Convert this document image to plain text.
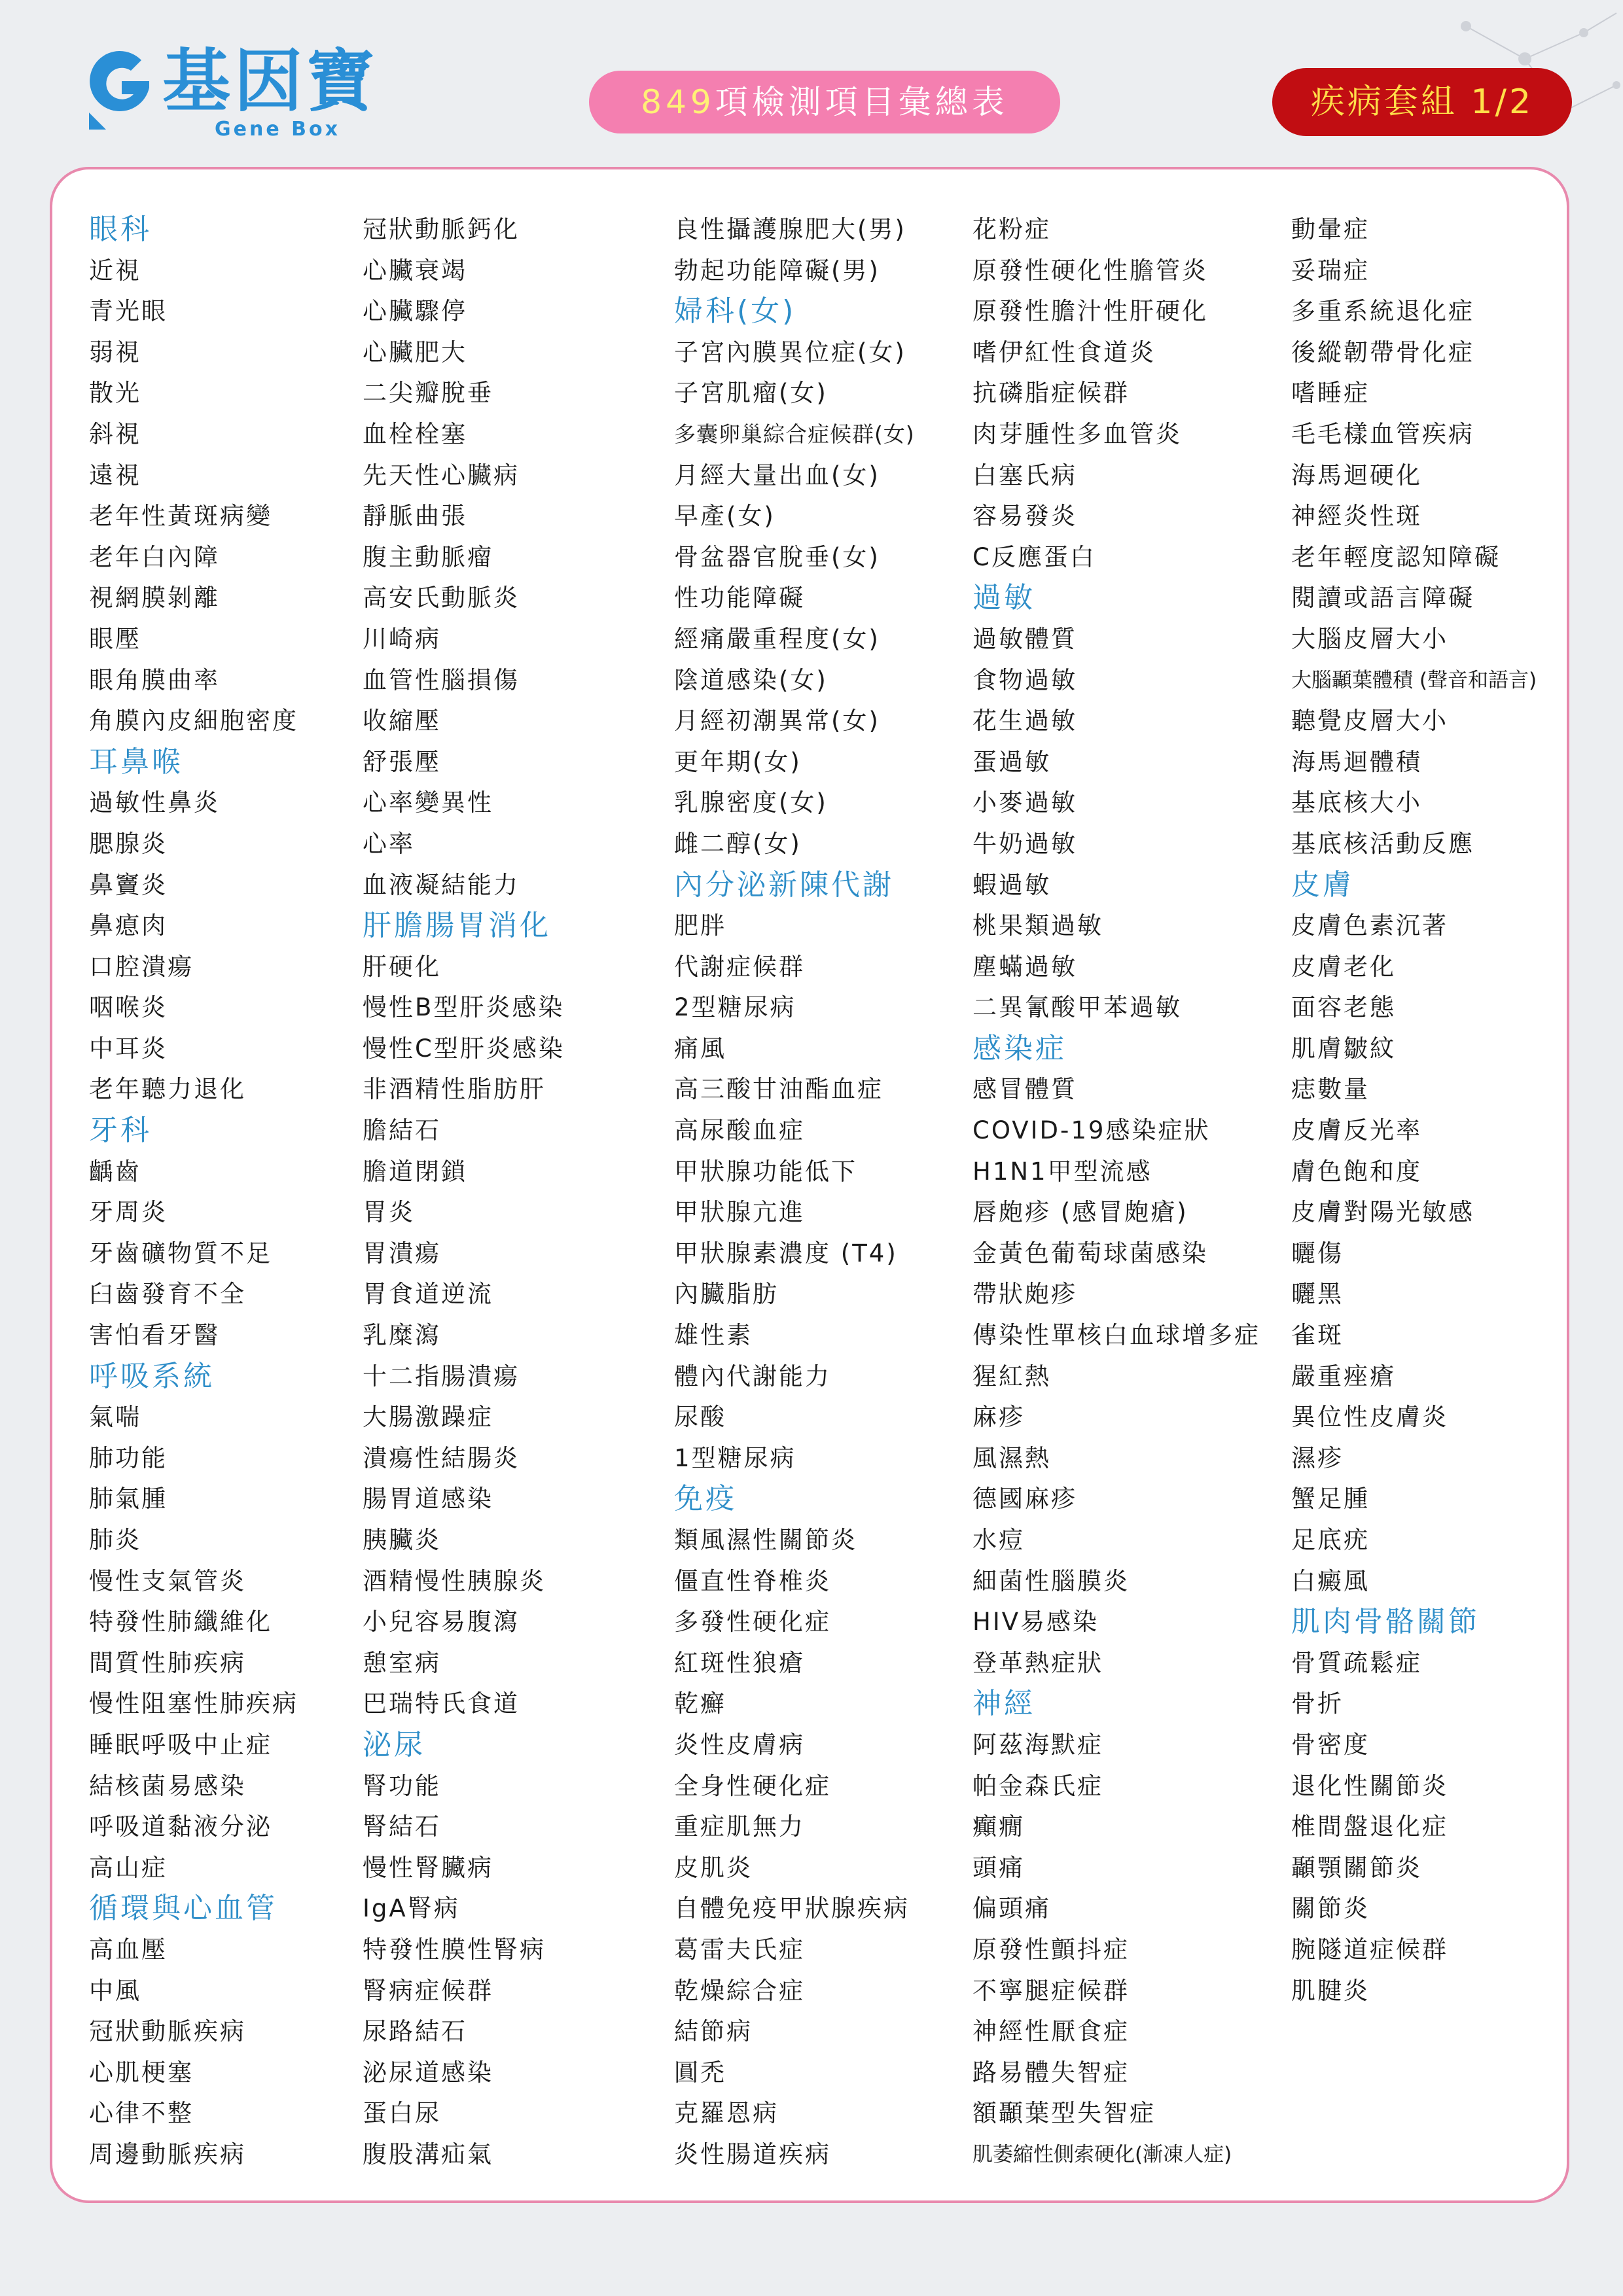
基因寶
Gene Box
849項檢測項目彙總表	疾病套組 1/2
眼科
近視
青光眼
弱視
散光
斜視
遠視
老年性黃斑病變
老年白內障
視網膜剝離
眼壓
眼角膜曲率
角膜內皮細胞密度
耳鼻喉
過敏性鼻炎
腮腺炎
鼻竇炎
鼻瘜肉
口腔潰瘍
咽喉炎
中耳炎
老年聽力退化
牙科
齲齒
牙周炎
牙齒礦物質不足
臼齒發育不全
害怕看牙醫
呼吸系統
氣喘
肺功能
肺氣腫
肺炎
慢性支氣管炎
特發性肺纖維化
間質性肺疾病
慢性阻塞性肺疾病
睡眠呼吸中止症
結核菌易感染
呼吸道黏液分泌
高山症
循環與心血管
高血壓
中風
冠狀動脈疾病
心肌梗塞
心律不整
周邊動脈疾病
冠狀動脈鈣化
心臟衰竭
心臟驟停
心臟肥大
二尖瓣脫垂
血栓栓塞
先天性心臟病
靜脈曲張
腹主動脈瘤
高安氏動脈炎
川崎病
血管性腦損傷
收縮壓
舒張壓
心率變異性
心率
血液凝結能力
肝膽腸胃消化
肝硬化
慢性B型肝炎感染
慢性C型肝炎感染
非酒精性脂肪肝
膽結石
膽道閉鎖
胃炎
胃潰瘍
胃食道逆流
乳糜瀉
十二指腸潰瘍
大腸激躁症
潰瘍性結腸炎
腸胃道感染
胰臟炎
酒精慢性胰腺炎
小兒容易腹瀉
憩室病
巴瑞特氏食道
泌尿
腎功能
腎結石
慢性腎臟病
IgA腎病
特發性膜性腎病
腎病症候群
尿路結石
泌尿道感染
蛋白尿
腹股溝疝氣
良性攝護腺肥大(男)
勃起功能障礙(男)
婦科(女)
子宮內膜異位症(女)
子宮肌瘤(女)
多囊卵巢綜合症候群(女)
月經大量出血(女)
早產(女)
骨盆器官脫垂(女)
性功能障礙
經痛嚴重程度(女)
陰道感染(女)
月經初潮異常(女)
更年期(女)
乳腺密度(女)
雌二醇(女)
內分泌新陳代謝
肥胖
代謝症候群
2型糖尿病
痛風
高三酸甘油酯血症
高尿酸血症
甲狀腺功能低下
甲狀腺亢進
甲狀腺素濃度 (T4)
內臟脂肪
雄性素
體內代謝能力
尿酸
1型糖尿病
免疫
類風濕性關節炎
僵直性脊椎炎
多發性硬化症
紅斑性狼瘡
乾癬
炎性皮膚病
全身性硬化症
重症肌無力
皮肌炎
自體免疫甲狀腺疾病
葛雷夫氏症
乾燥綜合症
結節病
圓禿
克羅恩病
炎性腸道疾病
花粉症
原發性硬化性膽管炎
原發性膽汁性肝硬化
嗜伊紅性食道炎
抗磷脂症候群
肉芽腫性多血管炎
白塞氏病
容易發炎
C反應蛋白
過敏
過敏體質
食物過敏
花生過敏
蛋過敏
小麥過敏
牛奶過敏
蝦過敏
桃果類過敏
塵蟎過敏
二異氰酸甲苯過敏
感染症
感冒體質
COVID-19感染症狀
H1N1甲型流感
唇皰疹 (感冒皰瘡)
金黃色葡萄球菌感染
帶狀皰疹
傳染性單核白血球增多症
猩紅熱
麻疹
風濕熱
德國麻疹
水痘
細菌性腦膜炎
HIV易感染
登革熱症狀
神經
阿茲海默症
帕金森氏症
癲癇
頭痛
偏頭痛
原發性顫抖症
不寧腿症候群
神經性厭食症
路易體失智症
額顳葉型失智症
肌萎縮性側索硬化(漸凍人症)
動暈症
妥瑞症
多重系統退化症
後縱韌帶骨化症
嗜睡症
毛毛樣血管疾病
海馬迴硬化
神經炎性斑
老年輕度認知障礙
閱讀或語言障礙
大腦皮層大小
大腦顳葉體積 (聲音和語言)
聽覺皮層大小
海馬迴體積
基底核大小
基底核活動反應
皮膚
皮膚色素沉著
皮膚老化
面容老態
肌膚皺紋
痣數量
皮膚反光率
膚色飽和度
皮膚對陽光敏感
曬傷
曬黑
雀斑
嚴重痤瘡
異位性皮膚炎
濕疹
蟹足腫
足底疣
白癜風
肌肉骨骼關節
骨質疏鬆症
骨折
骨密度
退化性關節炎
椎間盤退化症
顳顎關節炎
關節炎
腕隧道症候群
肌腱炎
